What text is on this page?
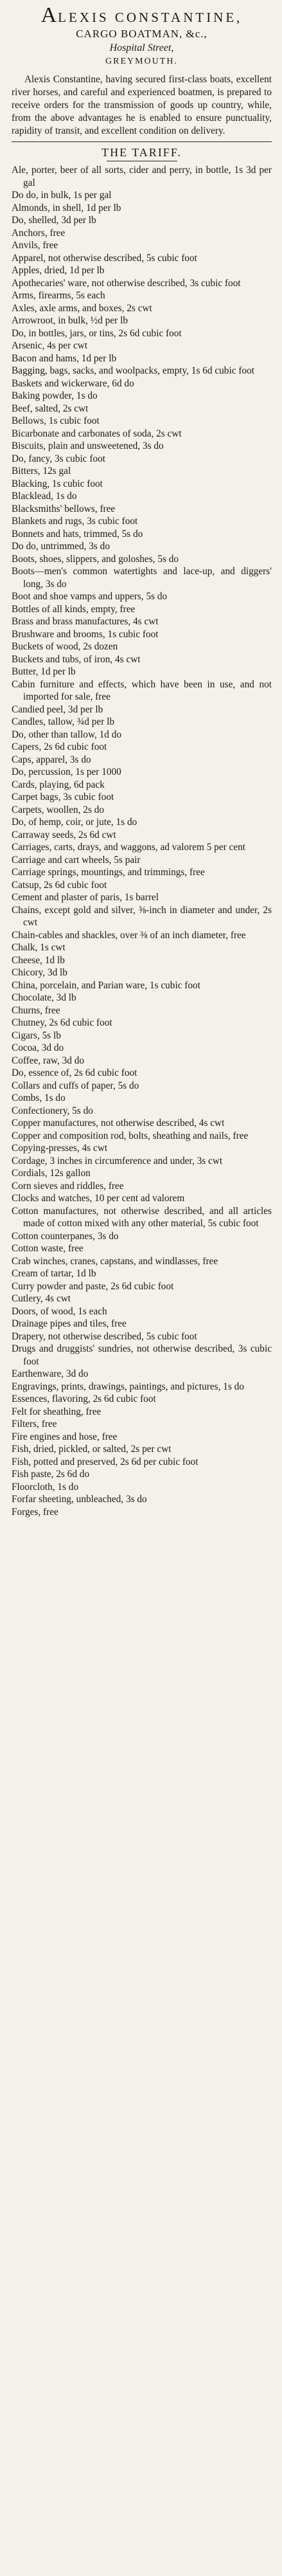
ALEXIS CONSTANTINE,

CARGO BOATMAN, &c.,
Hospital Street,
GREYMOUTH.

Alexis Constantine, having secured first-class boats, excellent river horses, and careful and experienced boatmen, is prepared to receive orders for the transmission of goods up country, while, from the above advantages he is enabled to ensure punctuality, rapidity of transit, and excellent condition on delivery.

THE TARIFF.

Ale, porter, beer of all sorts, cider and perry, in bottle, 1s 3d per gal

Do do, in bulk, 1s per gal

Almonds, in shell, 1d per lb

Do, shelled, 3d per lb

Anchors, free

Anvils, free

Apparel, not otherwise described, 5s cubic foot

Apples, dried, 1d per lb

Apothecaries' ware, not otherwise described, 3s cubic foot

Arms, firearms, 5s each

Axles, axle arms, and boxes, 2s cwt

Arrowroot, in bulk, ½d per lb

Do, in bottles, jars, or tins, 2s 6d cubic foot

Arsenic, 4s per cwt

Bacon and hams, 1d per lb

Bagging, bags, sacks, and woolpacks, empty, 1s 6d cubic foot

Baskets and wickerware, 6d do

Baking powder, 1s do

Beef, salted, 2s cwt

Bellows, 1s cubic foot

Bicarbonate and carbonates of soda, 2s cwt

Biscuits, plain and unsweetened, 3s do

Do, fancy, 3s cubic foot

Bitters, 12s gal

Blacking, 1s cubic foot

Blacklead, 1s do

Blacksmiths' bellows, free

Blankets and rugs, 3s cubic foot

Bonnets and hats, trimmed, 5s do

Do do, untrimmed, 3s do

Boots, shoes, slippers, and goloshes, 5s do

Boots—men's common watertights and lace-up, and diggers' long, 3s do

Boot and shoe vamps and uppers, 5s do

Bottles of all kinds, empty, free

Brass and brass manufactures, 4s cwt

Brushware and brooms, 1s cubic foot

Buckets of wood, 2s dozen

Buckets and tubs, of iron, 4s cwt

Butter, 1d per lb

Cabin furniture and effects, which have been in use, and not imported for sale, free

Candied peel, 3d per lb

Candles, tallow, ¾d per lb

Do, other than tallow, 1d do

Capers, 2s 6d cubic foot

Caps, apparel, 3s do

Do, percussion, 1s per 1000

Cards, playing, 6d pack

Carpet bags, 3s cubic foot

Carpets, woollen, 2s do

Do, of hemp, coir, or jute, 1s do

Carraway seeds, 2s 6d cwt

Carriages, carts, drays, and waggons, ad valorem 5 per cent

Carriage and cart wheels, 5s pair

Carriage springs, mountings, and trimmings, free

Catsup, 2s 6d cubic foot

Cement and plaster of paris, 1s barrel

Chains, except gold and silver, ⅜-inch in diameter and under, 2s cwt

Chain-cables and shackles, over ⅜ of an inch diameter, free

Chalk, 1s cwt

Cheese, 1d lb

Chicory, 3d lb

China, porcelain, and Parian ware, 1s cubic foot

Chocolate, 3d lb

Churns, free

Chutney, 2s 6d cubic foot

Cigars, 5s lb

Cocoa, 3d do

Coffee, raw, 3d do

Do, essence of, 2s 6d cubic foot

Collars and cuffs of paper, 5s do

Combs, 1s do

Confectionery, 5s do

Copper manufactures, not otherwise described, 4s cwt

Copper and composition rod, bolts, sheathing and nails, free

Copying-presses, 4s cwt

Cordage, 3 inches in circumference and under, 3s cwt

Cordials, 12s gallon

Corn sieves and riddles, free

Clocks and watches, 10 per cent ad valorem

Cotton manufactures, not otherwise described, and all articles made of cotton mixed with any other material, 5s cubic foot

Cotton counterpanes, 3s do

Cotton waste, free

Crab winches, cranes, capstans, and windlasses, free

Cream of tartar, 1d lb

Curry powder and paste, 2s 6d cubic foot

Cutlery, 4s cwt

Doors, of wood, 1s each

Drainage pipes and tiles, free

Drapery, not otherwise described, 5s cubic foot

Drugs and druggists' sundries, not otherwise described, 3s cubic foot

Earthenware, 3d do

Engravings, prints, drawings, paintings, and pictures, 1s do

Essences, flavoring, 2s 6d cubic foot

Felt for sheathing, free

Filters, free

Fire engines and hose, free

Fish, dried, pickled, or salted, 2s per cwt

Fish, potted and preserved, 2s 6d per cubic foot

Fish paste, 2s 6d do

Floorcloth, 1s do

Forfar sheeting, unbleached, 3s do

Forges, free
